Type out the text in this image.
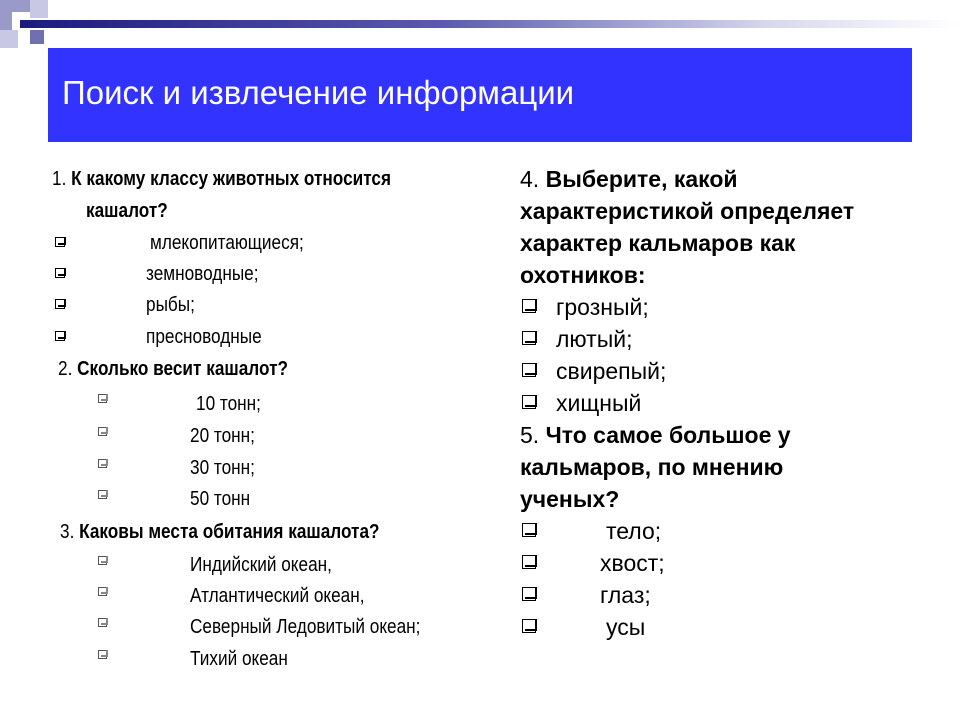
Поиск и извлечение информации
1. К какому классу животных относится
кашалот?
млекопитающиеся;
земноводные;
рыбы;
пресноводные
2. Сколько весит кашалот?
10 тонн;
20 тонн;
30 тонн;
50 тонн
3. Каковы места обитания кашалота?
Индийский океан,
Атлантический океан,
Северный Ледовитый океан;
Тихий океан
4. Выберите, какой
характеристикой определяет
характер кальмаров как
охотников:
грозный;
лютый;
свирепый;
хищный
5. Что самое большое у
кальмаров, по мнению
ученых?
тело;
хвост;
глаз;
усы
